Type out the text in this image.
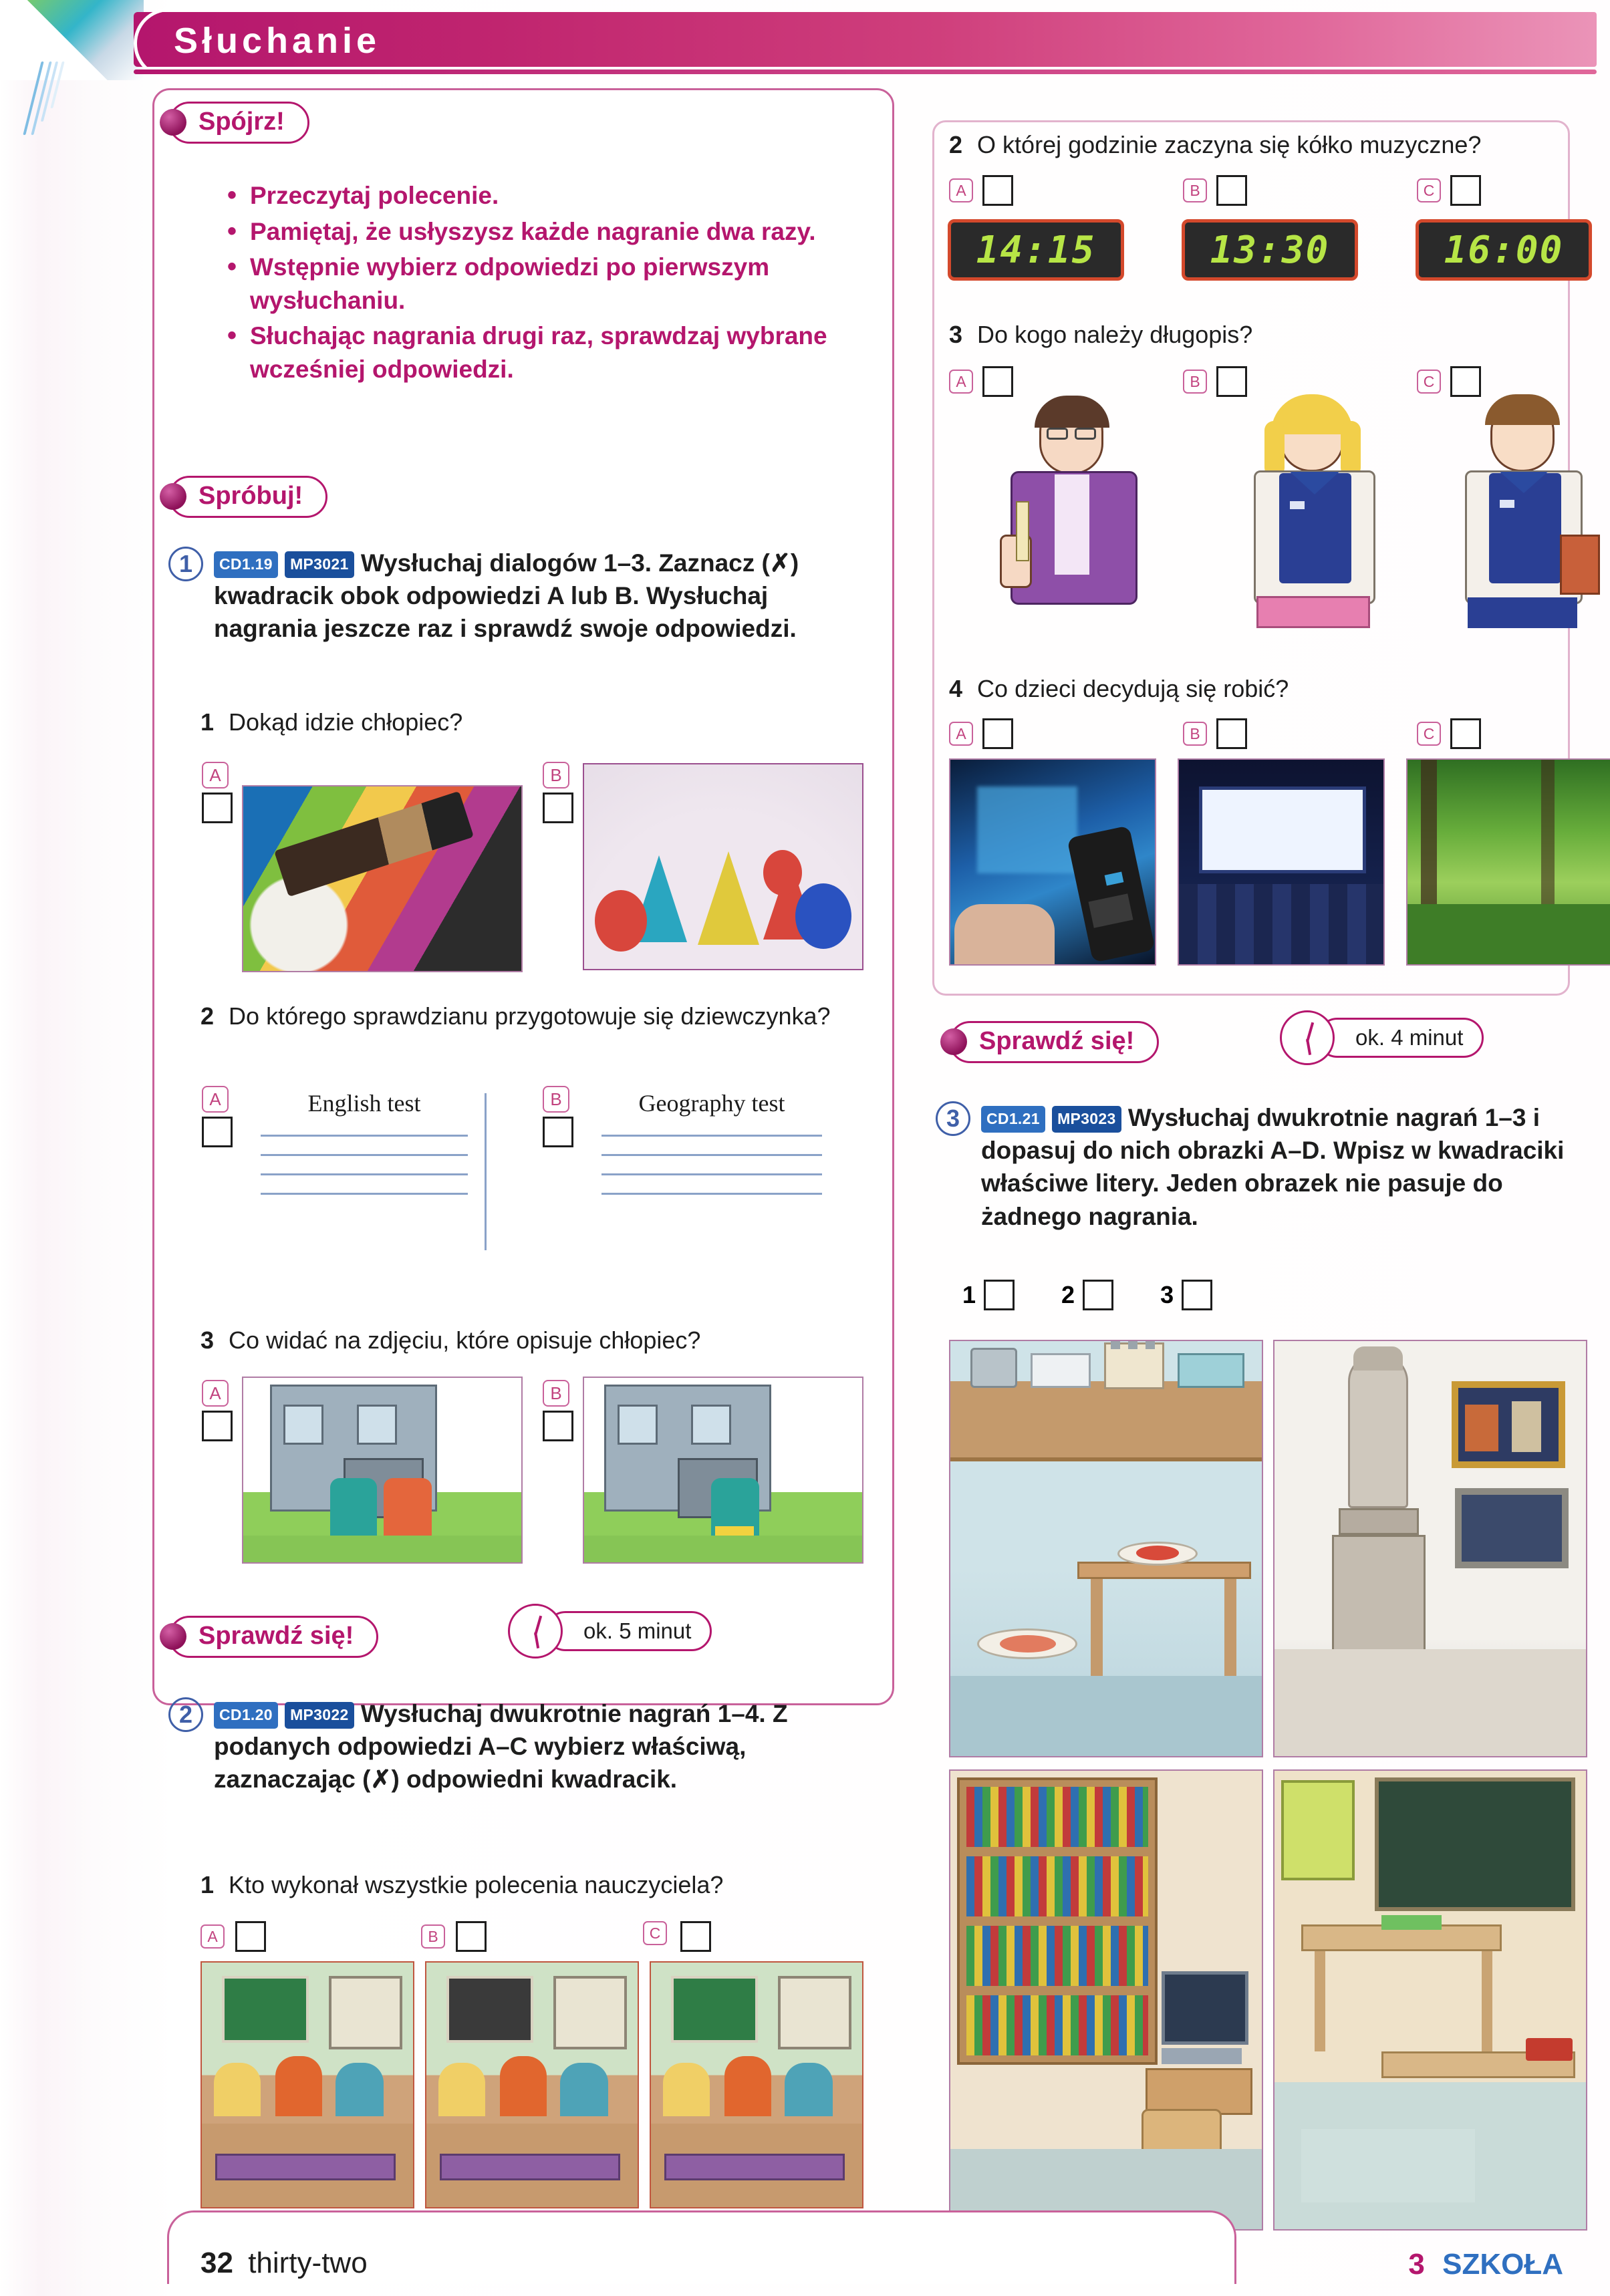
Słuchanie
Spójrz!
• Przeczytaj polecenie.
• Pamiętaj, że usłyszysz każde nagranie dwa razy.
• Wstępnie wybierz odpowiedzi po pierwszym wysłuchaniu.
• Słuchając nagrania drugi raz, sprawdzaj wybrane wcześniej odpowiedzi.
Spróbuj!
1	CD1.19 MP3021 Wysłuchaj dialogów 1–3. Zaznacz (✗) kwadracik obok odpowiedzi A lub B. Wysłuchaj nagrania jeszcze raz i sprawdź swoje odpowiedzi.
1 Dokąd idzie chłopiec?
A	B
2 Do którego sprawdzianu przygotowuje się dziewczynka?
A	English test	B	Geography test
3 Co widać na zdjęciu, które opisuje chłopiec?
A	B
Sprawdź się!	ok. 5 minut
2	CD1.20 MP3022 Wysłuchaj dwukrotnie nagrań 1–4. Z podanych odpowiedzi A–C wybierz właściwą, zaznaczając (✗) odpowiedni kwadracik.
1 Kto wykonał wszystkie polecenia nauczyciela?
A	B	C
2 O której godzinie zaczyna się kółko muzyczne?
A	B	C
14:15	13:30	16:00
3 Do kogo należy długopis?
A	B	C
4 Co dzieci decydują się robić?
A	B	C
Sprawdź się!	ok. 4 minut
3	CD1.21 MP3023 Wysłuchaj dwukrotnie nagrań 1–3 i dopasuj do nich obrazki A–D. Wpisz w kwadraciki właściwe litery. Jeden obrazek nie pasuje do żadnego nagrania.
1	2	3
32 thirty-two	3 SZKOŁA
